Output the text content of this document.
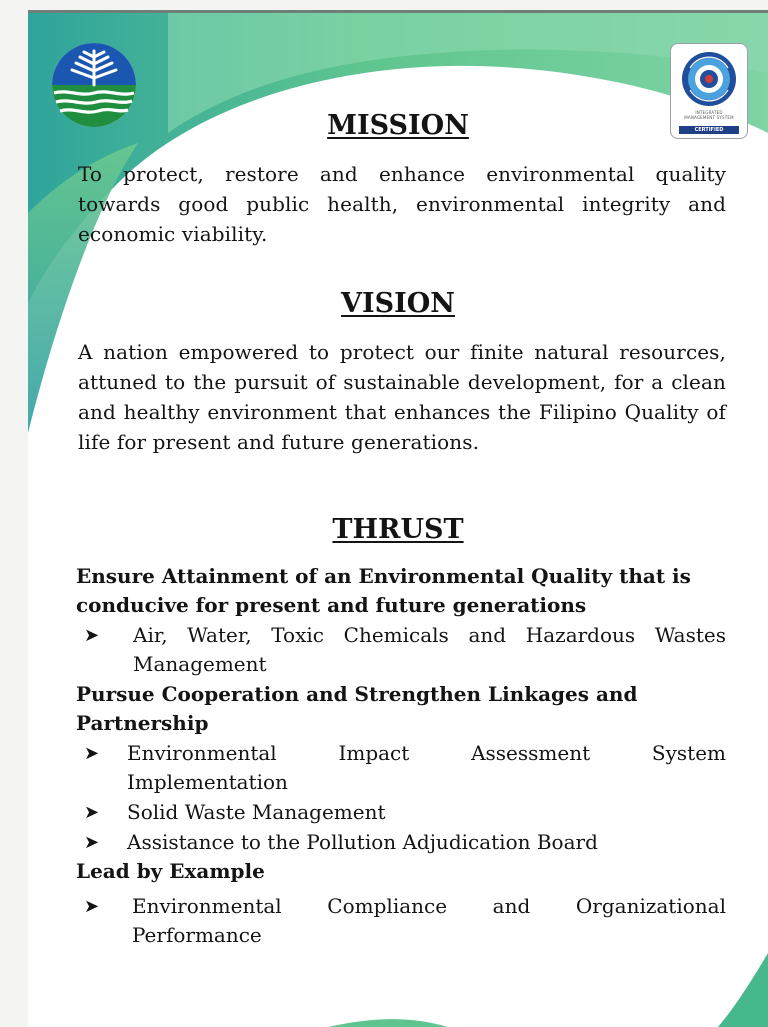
INTEGRATED
MANAGEMENT SYSTEM
CERTIFIED
MISSION

To protect, restore and enhance environmental quality towards good public health, environmental integrity and economic viability.

VISION

A nation empowered to protect our finite natural resources, attuned to the pursuit of sustainable development, for a clean and healthy environment that enhances the Filipino Quality of life for present and future generations.

THRUST

Ensure Attainment of an Environmental Quality that is conducive for present and future generations

➤	Air, Water, Toxic Chemicals and Hazardous Wastes Management

Pursue Cooperation and Strengthen Linkages and Partnership

➤	Environmental Impact Assessment System Implementation
➤	Solid Waste Management
➤	Assistance to the Pollution Adjudication Board

Lead by Example

➤	Environmental Compliance and Organizational Performance
